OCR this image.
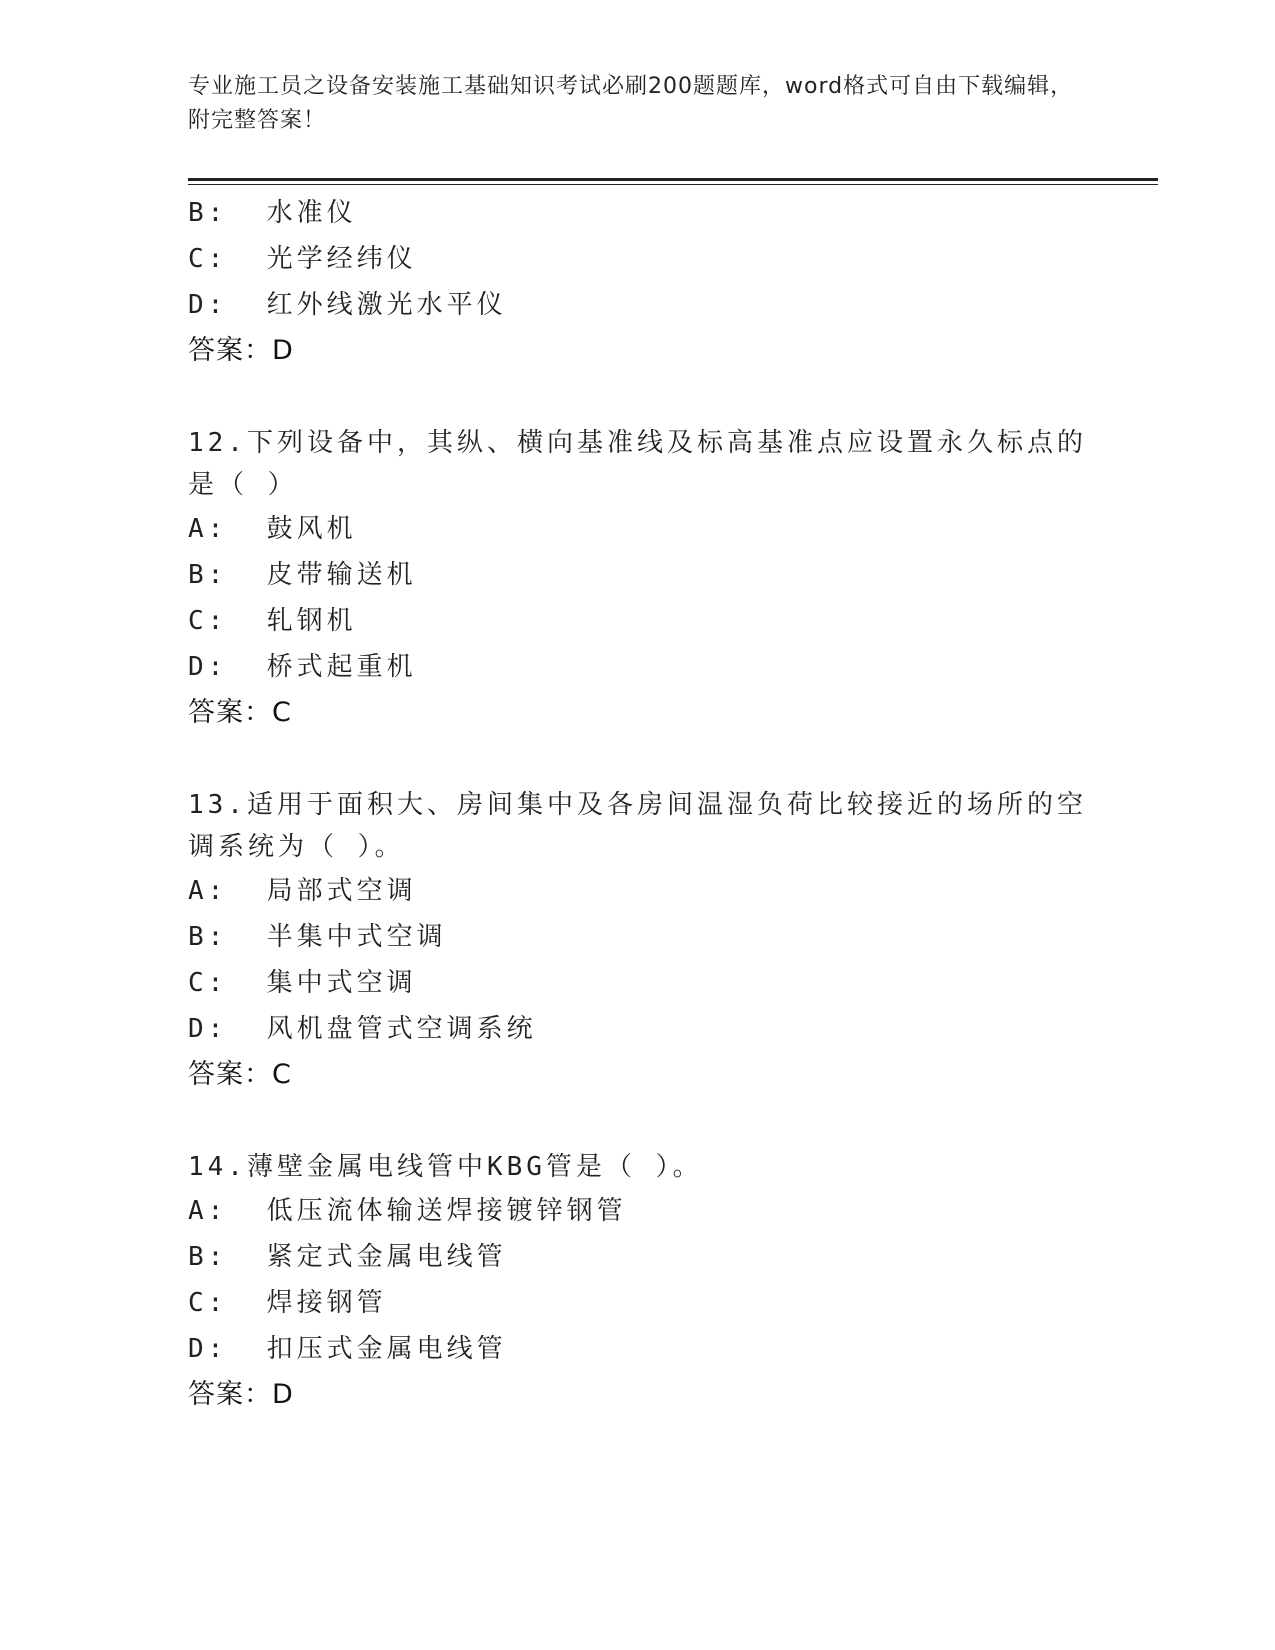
专业施工员之设备安装施工基础知识考试必刷200题题库，word格式可自由下载编辑，附完整答案！
B:  水准仪
C:  光学经纬仪
D:  红外线激光水平仪
答案：D
12.下列设备中，其纵、横向基准线及标高基准点应设置永久标点的是（ ）
A:  鼓风机
B:  皮带输送机
C:  轧钢机
D:  桥式起重机
答案：C
13.适用于面积大、房间集中及各房间温湿负荷比较接近的场所的空调系统为（ ）。
A:  局部式空调
B:  半集中式空调
C:  集中式空调
D:  风机盘管式空调系统
答案：C
14.薄壁金属电线管中KBG管是（ ）。
A:  低压流体输送焊接镀锌钢管
B:  紧定式金属电线管
C:  焊接钢管
D:  扣压式金属电线管
答案：D
